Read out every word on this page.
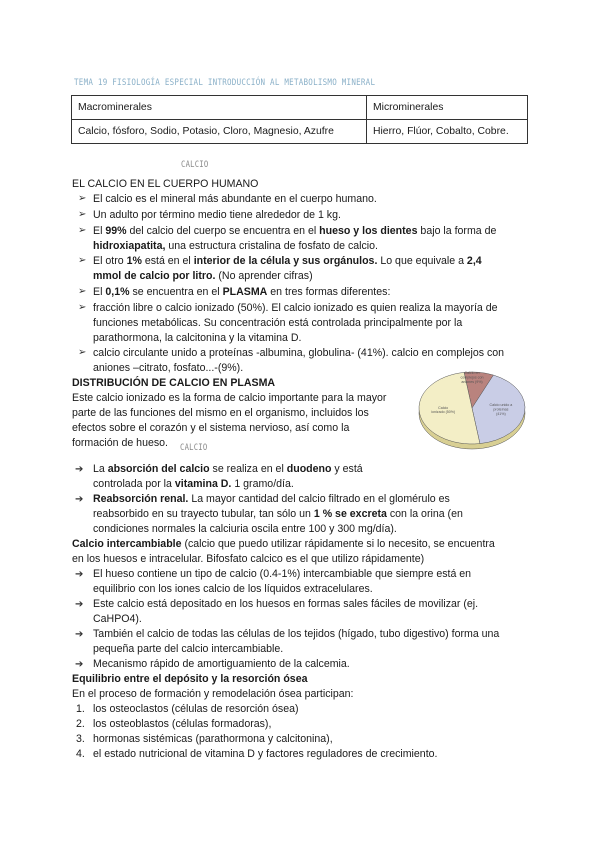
TEMA 19 FISIOLOGÍA ESPECIAL INTRODUCCIÓN AL METABOLISMO MINERAL
Macrominerales	Microminerales
Calcio, fósforo, Sodio, Potasio, Cloro, Magnesio, Azufre	Hierro, Flúor, Cobalto, Cobre.
CALCIO
EL CALCIO EN EL CUERPO HUMANO
➢ El calcio es el mineral más abundante en el cuerpo humano.
➢ Un adulto por término medio tiene alrededor de 1 kg.
➢ El 99% del calcio del cuerpo se encuentra en el hueso y los dientes bajo la forma de
hidroxiapatita, una estructura cristalina de fosfato de calcio.
➢ El otro 1% está en el interior de la célula y sus orgánulos. Lo que equivale a 2,4
mmol de calcio por litro. (No aprender cifras)
➢ El 0,1% se encuentra en el PLASMA en tres formas diferentes:
➢ fracción libre o calcio ionizado (50%). El calcio ionizado es quien realiza la mayoría de
funciones metabólicas. Su concentración está controlada principalmente por la
parathormona, la calcitonina y la vitamina D.
➢ calcio circulante unido a proteínas -albumina, globulina- (41%). calcio en complejos con
aniones –citrato, fosfato...-(9%).
DISTRIBUCIÓN DE CALCIO EN PLASMA
Este calcio ionizado es la forma de calcio importante para la mayor
parte de las funciones del mismo en el organismo, incluidos los
efectos sobre el corazón y el sistema nervioso, así como la
formación de hueso.
Calcio en complejos con aniones (9%)
Calcio unido a proteínas (41%)
Calcio ionizado (50%)
CALCIO
➔ La absorción del calcio se realiza en el duodeno y está
controlada por la vitamina D. 1 gramo/día.
➔ Reabsorción renal. La mayor cantidad del calcio filtrado en el glomérulo es
reabsorbido en su trayecto tubular, tan sólo un 1 % se excreta con la orina (en
condiciones normales la calciuria oscila entre 100 y 300 mg/día).
Calcio intercambiable (calcio que puedo utilizar rápidamente si lo necesito, se encuentra
en los huesos e intracelular. Bifosfato calcico es el que utilizo rápidamente)
➔ El hueso contiene un tipo de calcio (0.4-1%) intercambiable que siempre está en
equilibrio con los iones calcio de los líquidos extracelulares.
➔ Este calcio está depositado en los huesos en formas sales fáciles de movilizar (ej.
CaHPO4).
➔ También el calcio de todas las células de los tejidos (hígado, tubo digestivo) forma una
pequeña parte del calcio intercambiable.
➔ Mecanismo rápido de amortiguamiento de la calcemia.
Equilibrio entre el depósito y la resorción ósea
En el proceso de formación y remodelación ósea participan:
1. los osteoclastos (células de resorción ósea)
2. los osteoblastos (células formadoras),
3. hormonas sistémicas (parathormona y calcitonina),
4. el estado nutricional de vitamina D y factores reguladores de crecimiento.
